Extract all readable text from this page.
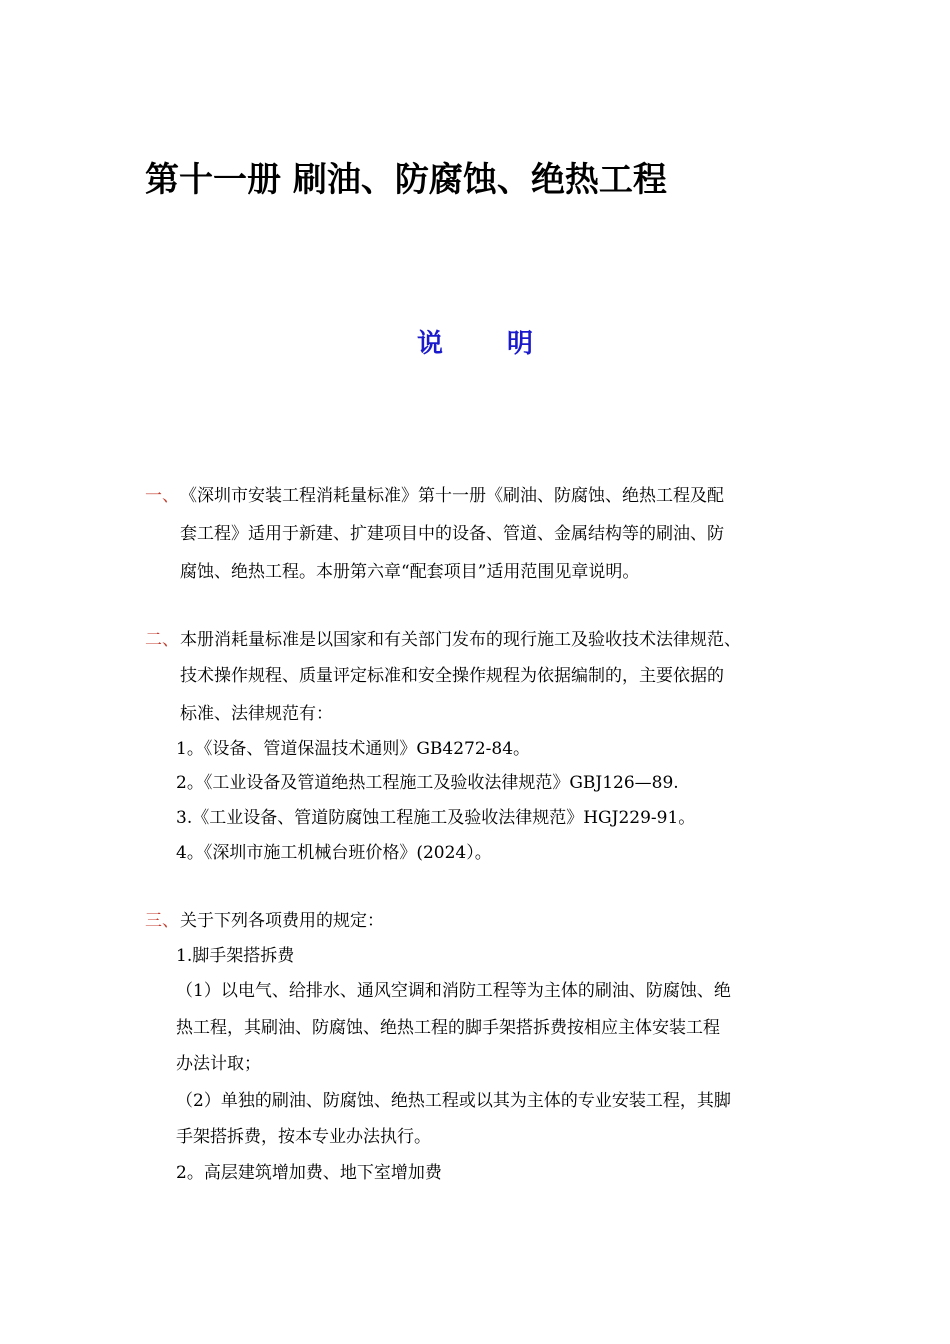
第十一册 刷油、防腐蚀、绝热工程
说 明
一、 《深圳市安装工程消耗量标准》第十一册《刷油、防腐蚀、绝热工程及配
套工程》适用于新建、扩建项目中的设备、管道、金属结构等的刷油、防
腐蚀、绝热工程。本册第六章“配套项目”适用范围见章说明。
二、 本册消耗量标准是以国家和有关部门发布的现行施工及验收技术法律规范、
技术操作规程、质量评定标准和安全操作规程为依据编制的，主要依据的
标准、法律规范有：
1。《设备、管道保温技术通则》GB4272-84。
2。《工业设备及管道绝热工程施工及验收法律规范》GBJ126—89.
3.《工业设备、管道防腐蚀工程施工及验收法律规范》HGJ229-91。
4。《深圳市施工机械台班价格》(2024）。
三、 关于下列各项费用的规定：
1.脚手架搭拆费
（1）以电气、给排水、通风空调和消防工程等为主体的刷油、防腐蚀、绝
热工程，其刷油、防腐蚀、绝热工程的脚手架搭拆费按相应主体安装工程
办法计取；
（2）单独的刷油、防腐蚀、绝热工程或以其为主体的专业安装工程，其脚
手架搭拆费，按本专业办法执行。
2。高层建筑增加费、地下室增加费
